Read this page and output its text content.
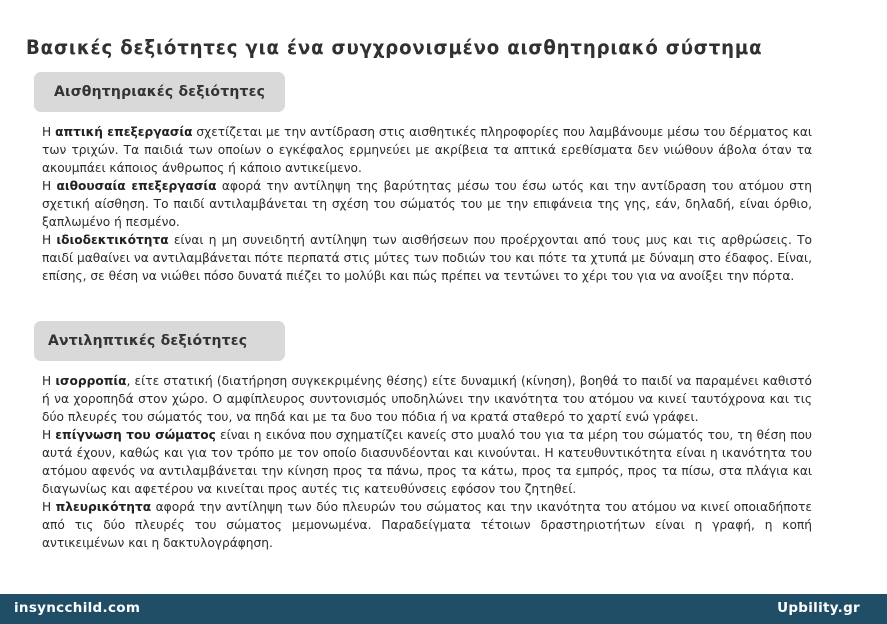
Βασικές δεξιότητες για ένα συγχρονισμένο αισθητηριακό σύστημα
Αισθητηριακές δεξιότητες

Η απτική επεξεργασία σχετίζεται με την αντίδραση στις αισθητικές πληροφορίες που λαμβάνουμε μέσω του δέρματος και των τριχών. Τα παιδιά των οποίων ο εγκέφαλος ερμηνεύει με ακρίβεια τα απτικά ερεθίσματα δεν νιώθουν άβολα όταν τα ακουμπάει κάποιος άνθρωπος ή κάποιο αντικείμενο.

Η αιθουσαία επεξεργασία αφορά την αντίληψη της βαρύτητας μέσω του έσω ωτός και την αντίδραση του ατόμου στη σχετική αίσθηση. Το παιδί αντιλαμβάνεται τη σχέση του σώματός του με την επιφάνεια της γης, εάν, δηλαδή, είναι όρθιο, ξαπλωμένο ή πεσμένο.

Η ιδιοδεκτικότητα είναι η μη συνειδητή αντίληψη των αισθήσεων που προέρχονται από τους μυς και τις αρθρώσεις. Το παιδί μαθαίνει να αντιλαμβάνεται πότε περπατά στις μύτες των ποδιών του και πότε τα χτυπά με δύναμη στο έδαφος. Είναι, επίσης, σε θέση να νιώθει πόσο δυνατά πιέζει το μολύβι και πώς πρέπει να τεντώνει το χέρι του για να ανοίξει την πόρτα.

Αντιληπτικές δεξιότητες

Η ισορροπία, είτε στατική (διατήρηση συγκεκριμένης θέσης) είτε δυναμική (κίνηση), βοηθά το παιδί να παραμένει καθιστό ή να χοροπηδά στον χώρο. Ο αμφίπλευρος συντονισμός υποδηλώνει την ικανότητα του ατόμου να κινεί ταυτόχρονα και τις δύο πλευρές του σώματός του, να πηδά και με τα δυο του πόδια ή να κρατά σταθερό το χαρτί ενώ γράφει.

Η επίγνωση του σώματος είναι η εικόνα που σχηματίζει κανείς στο μυαλό του για τα μέρη του σώματός του, τη θέση που αυτά έχουν, καθώς και για τον τρόπο με τον οποίο διασυνδέονται και κινούνται. Η κατευθυντικότητα είναι η ικανότητα του ατόμου αφενός να αντιλαμβάνεται την κίνηση προς τα πάνω, προς τα κάτω, προς τα εμπρός, προς τα πίσω, στα πλάγια και διαγωνίως και αφετέρου να κινείται προς αυτές τις κατευθύνσεις εφόσον του ζητηθεί.

Η πλευρικότητα αφορά την αντίληψη των δύο πλευρών του σώματος και την ικανότητα του ατόμου να κινεί οποιαδήποτε από τις δύο πλευρές του σώματος μεμονωμένα. Παραδείγματα τέτοιων δραστηριοτήτων είναι η γραφή, η κοπή αντικειμένων και η δακτυλογράφηση.

insyncchild.com	Upbility.gr
